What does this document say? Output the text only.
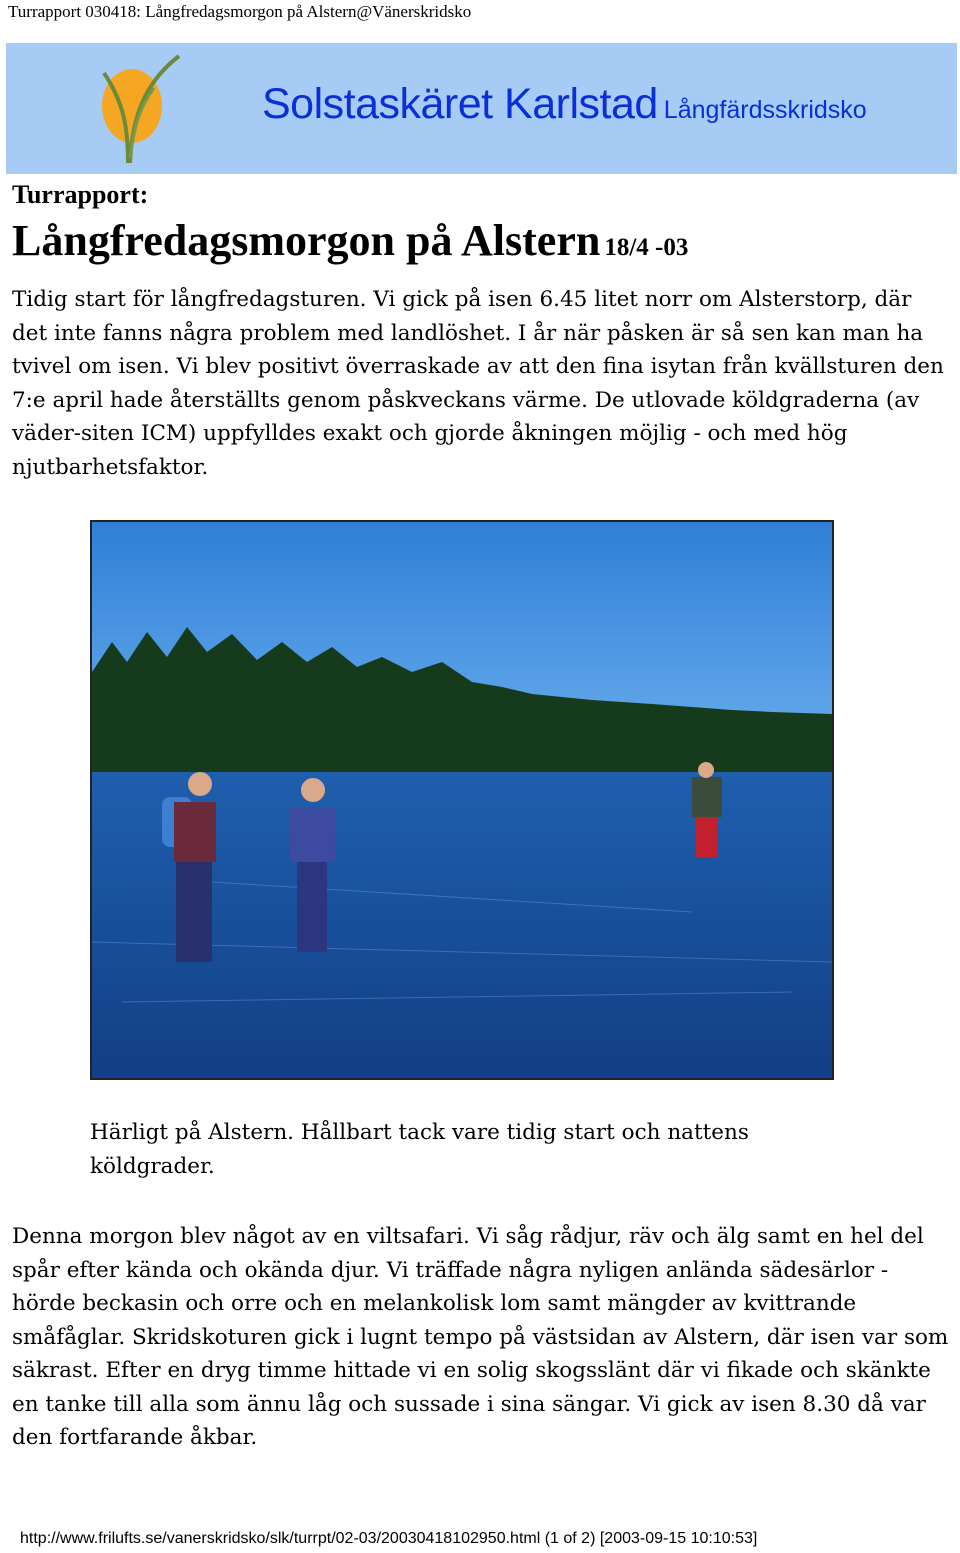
Turrapport 030418: Långfredagsmorgon på Alstern@Vänerskridsko
Solstaskäret Karlstad Långfärdsskridsko
Turrapport:
Långfredagsmorgon på Alstern 18/4 -03
Tidig start för långfredagsturen. Vi gick på isen 6.45 litet norr om Alsterstorp, där det inte fanns några problem med landlöshet. I år när påsken är så sen kan man ha tvivel om isen. Vi blev positivt överraskade av att den fina isytan från kvällsturen den 7:e april hade återställts genom påskveckans värme. De utlovade köldgraderna (av väder-siten ICM) uppfylldes exakt och gjorde åkningen möjlig - och med hög njutbarhetsfaktor.
Härligt på Alstern. Hållbart tack vare tidig start och nattens köldgrader.
Denna morgon blev något av en viltsafari. Vi såg rådjur, räv och älg samt en hel del spår efter kända och okända djur. Vi träffade några nyligen anlända sädesärlor - hörde beckasin och orre och en melankolisk lom samt mängder av kvittrande småfåglar. Skridskoturen gick i lugnt tempo på västsidan av Alstern, där isen var som säkrast. Efter en dryg timme hittade vi en solig skogsslänt där vi fikade och skänkte en tanke till alla som ännu låg och sussade i sina sängar. Vi gick av isen 8.30 då var den fortfarande åkbar.
http://www.frilufts.se/vanerskridsko/slk/turrpt/02-03/20030418102950.html (1 of 2) [2003-09-15 10:10:53]
